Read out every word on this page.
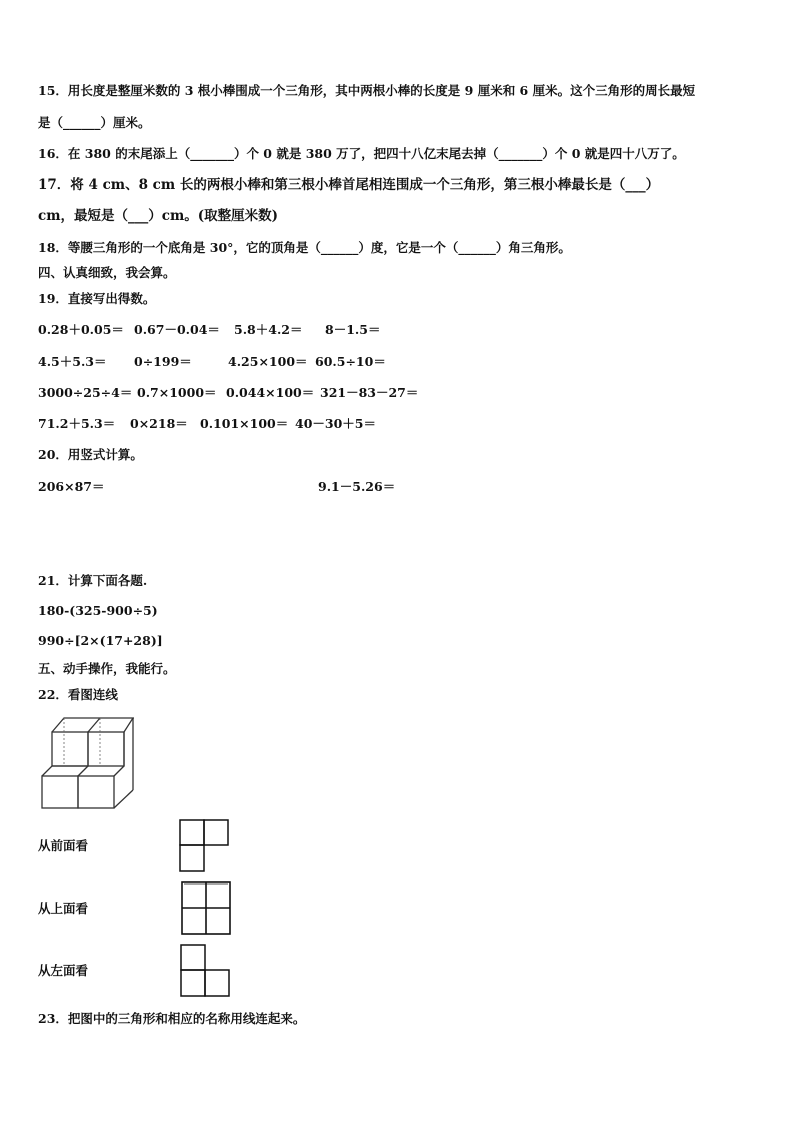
15．用长度是整厘米数的 3 根小棒围成一个三角形，其中两根小棒的长度是 9 厘米和 6 厘米。这个三角形的周长最短
是（______）厘米。
16．在 380 的末尾添上（_______）个 0 就是 380 万了，把四十八亿末尾去掉（_______）个 0 就是四十八万了。
17．将 4 cm、8 cm 长的两根小棒和第三根小棒首尾相连围成一个三角形，第三根小棒最长是（___）
cm，最短是（___）cm。(取整厘米数)
18．等腰三角形的一个底角是 30°，它的顶角是（______）度，它是一个（______）角三角形。
四、认真细致，我会算。
19．直接写出得数。
0.28＋0.05＝ 0.67－0.04＝ 5.8＋4.2＝ 8－1.5＝
4.5＋5.3＝ 0÷199＝	4.25×100＝ 60.5÷10＝
3000÷25÷4＝ 0.7×1000＝ 0.044×100＝ 321－83－27＝
71.2＋5.3＝ 0×218＝ 0.101×100＝ 40－30＋5＝
20．用竖式计算。
206×87＝	9.1－5.26＝
21．计算下面各题.
180-(325-900÷5)
990÷[2×(17+28)]
五、动手操作，我能行。
22．看图连线
从前面看
从上面看
从左面看
23．把图中的三角形和相应的名称用线连起来。
